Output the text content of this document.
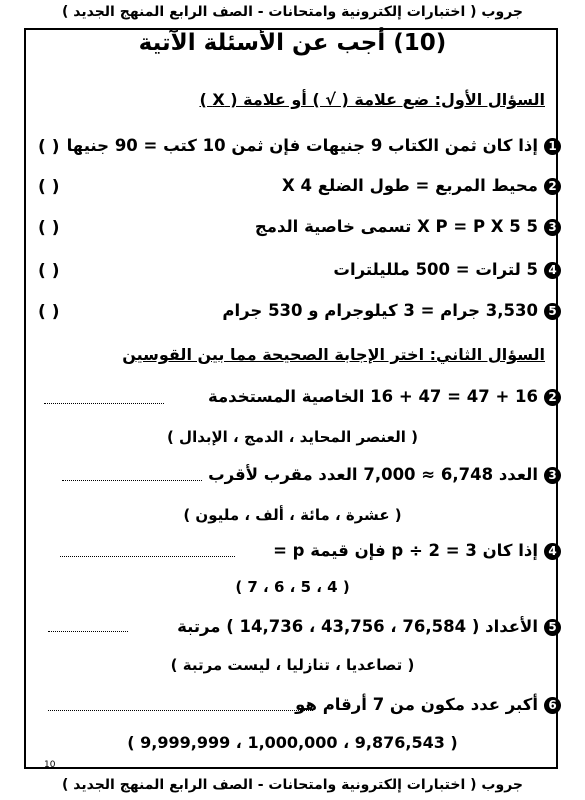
جروب ( اختبارات إلكترونية وامتحانات - الصف الرابع المنهج الجديد )
(10) أجب عن الأسئلة الآتية
السؤال الأول: ضع علامة ( √ ) أو علامة ( X )
1إذا كان ثمن الكتاب 9 جنيهات فإن ثمن 10 كتب = 90 جنيها
( )
2محيط المربع = طول الضلع X 4
( )
35 X P = P X 5 تسمى خاصية الدمج
( )
45 لترات = 500 ملليلترات
( )
53,530 جرام = 3 كيلوجرام و 530 جرام
( )
السؤال الثاني: اختر الإجابة الصحيحة مما بين القوسين
216 + 47 = 47 + 16 الخاصية المستخدمة
( العنصر المحايد ، الدمج ، الإبدال )
3العدد 6,748 ≈ 7,000 العدد مقرب لأقرب
( عشرة ، مائة ، ألف ، مليون )
4إذا كان 3 = 2 ÷ p فإن قيمة p =
( 4 ، 5 ، 6 ، 7 )
5الأعداد ( 76,584 ، 43,756 ، 14,736 ) مرتبة
( تصاعديا ، تنازليا ، ليست مرتبة )
6أكبر عدد مكون من 7 أرقام هو
( 9,876,543 ، 1,000,000 ، 9,999,999 )
10
جروب ( اختبارات إلكترونية وامتحانات - الصف الرابع المنهج الجديد )
